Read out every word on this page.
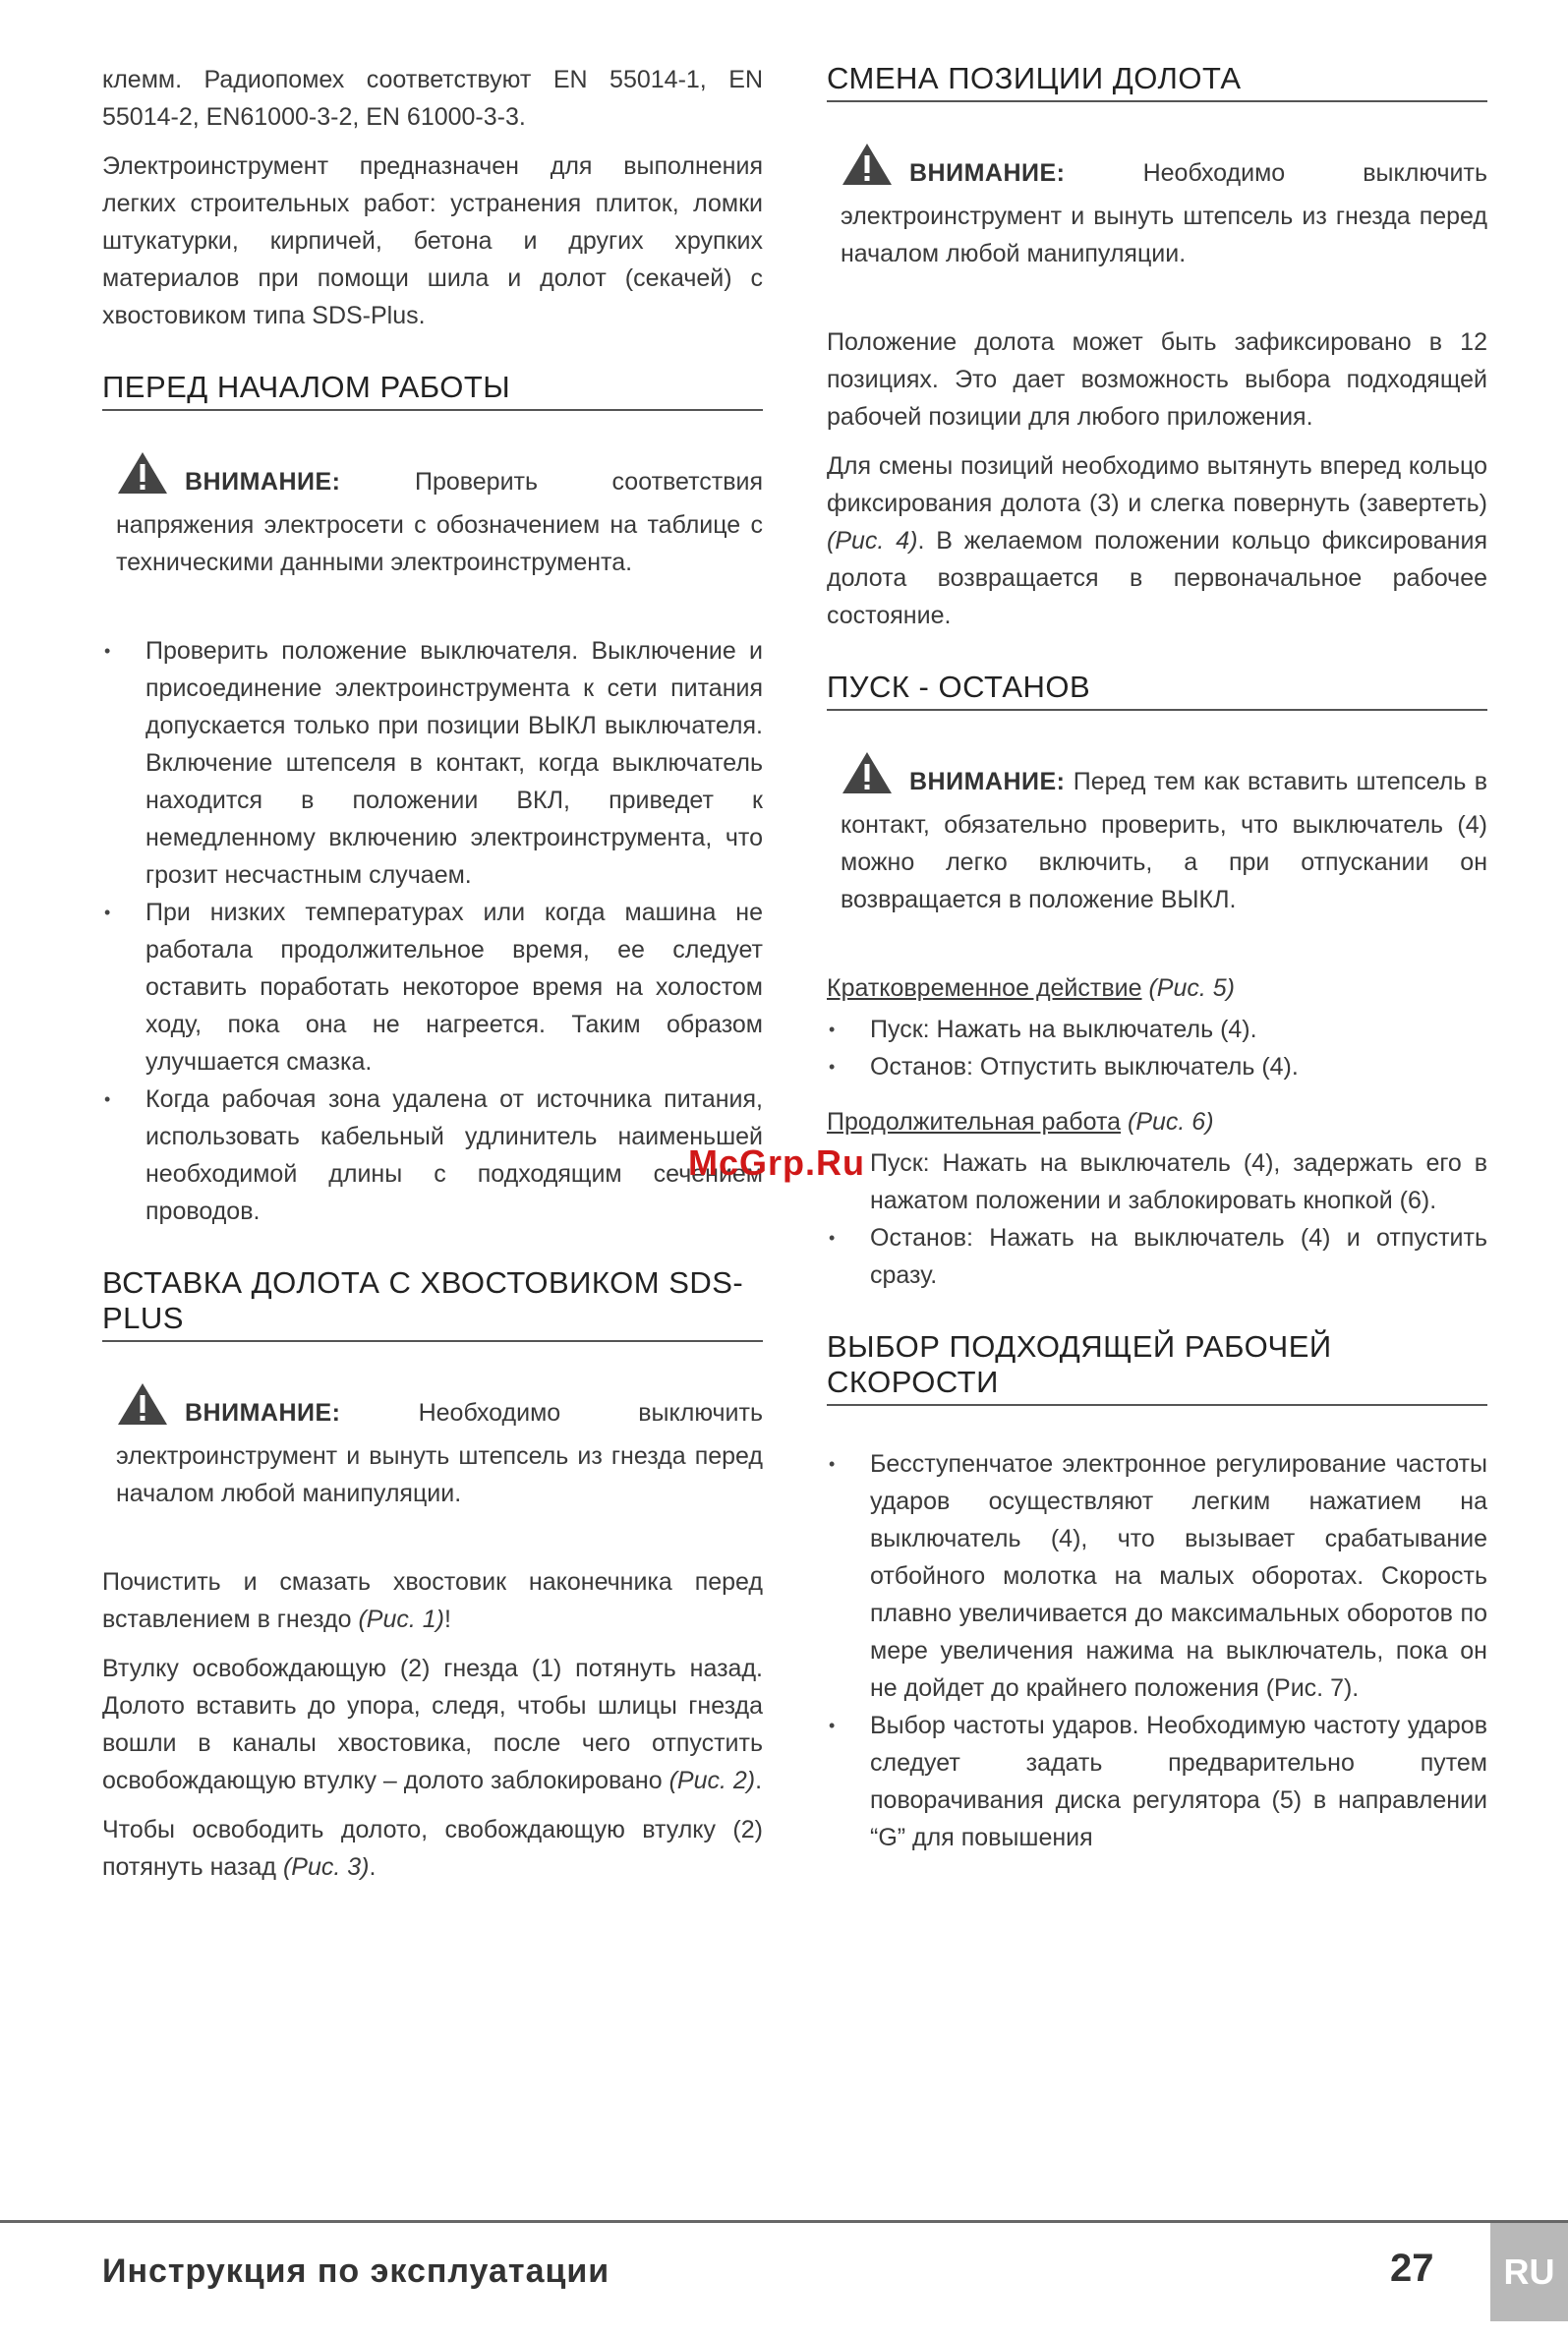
клемм. Радиопомех соответствуют EN 55014-1, EN 55014-2, EN61000-3-2, EN 61000-3-3.

Электроинструмент предназначен для выполнения легких строительных работ: устранения плиток, ломки штукатурки, кирпичей, бетона и других хрупких материалов при помощи шила и долот (секачей) с хвостовиком типа SDS-Plus.

ПЕРЕД НАЧАЛОМ РАБОТЫ
ВНИМАНИЕ: Проверить соответствия напряжения электросети с обозначением на таблице с техническими данными электроинструмента.
• Проверить положение выключателя. Выключение и присоединение электроинструмента к сети питания допускается только при позиции ВЫКЛ выключателя. Включение штепселя в контакт, когда выключатель находится в положении ВКЛ, приведет к немедленному включению электроинструмента, что грозит несчастным случаем.
• При низких температурах или когда машина не работала продолжительное время, ее следует оставить поработать некоторое время на холостом ходу, пока она не нагреется. Таким образом улучшается смазка.
• Когда рабочая зона удалена от источника питания, использовать кабельный удлинитель наименьшей необходимой длины с подходящим сечением проводов.
ВСТАВКА ДОЛОТА С ХВОСТОВИКОМ SDS-PLUS
ВНИМАНИЕ: Необходимо выключить электроинструмент и вынуть штепсель из гнезда перед началом любой манипуляции.

Почистить и смазать хвостовик наконечника перед вставлением в гнездо (Рис. 1)!

Втулку освобождающую (2) гнезда (1) потянуть назад. Долото вставить до упора, следя, чтобы шлицы гнезда вошли в каналы хвостовика, после чего отпустить освобождающую втулку – долото заблокировано (Рис. 2).

Чтобы освободить долото, свобождающую втулку (2) потянуть назад (Рис. 3).

СМЕНА ПОЗИЦИИ ДОЛОТА
ВНИМАНИЕ: Необходимо выключить электроинструмент и вынуть штепсель из гнезда перед началом любой манипуляции.

Положение долота может быть зафиксировано в 12 позициях. Это дает возможность выбора подходящей рабочей позиции для любого приложения.

Для смены позиций необходимо вытянуть вперед кольцо фиксирования долота (3) и слегка повернуть (завертеть) (Рис. 4). В желаемом положении кольцо фиксирования долота возвращается в первоначальное рабочее состояние.

ПУСК - ОСТАНОВ
ВНИМАНИЕ: Перед тем как вставить штепсель в контакт, обязательно проверить, что выключатель (4) можно легко включить, а при отпускании он возвращается в положение ВЫКЛ.
Кратковременное действие (Рис. 5)
• Пуск: Нажать на выключатель (4).
• Останов: Отпустить выключатель (4).
Продолжительная работа (Рис. 6)
• Пуск: Нажать на выключатель (4), задержать его в нажатом положении и заблокировать кнопкой (6).
• Останов: Нажать на выключатель (4) и отпустить сразу.
ВЫБОР ПОДХОДЯЩЕЙ РАБОЧЕЙ СКОРОСТИ
• Бесступенчатое электронное регулирование частоты ударов осуществляют легким нажатием на выключатель (4), что вызывает срабатывание отбойного молотка на малых оборотах. Скорость плавно увеличивается до максимальных оборотов по мере увеличения нажима на выключатель, пока он не дойдет до крайнего положения (Рис. 7).
• Выбор частоты ударов. Необходимую частоту ударов следует задать предварительно путем поворачивания диска регулятора (5) в направлении “G” для повышения
McGrp.Ru
Инструкция по эксплуатации	27	RU
